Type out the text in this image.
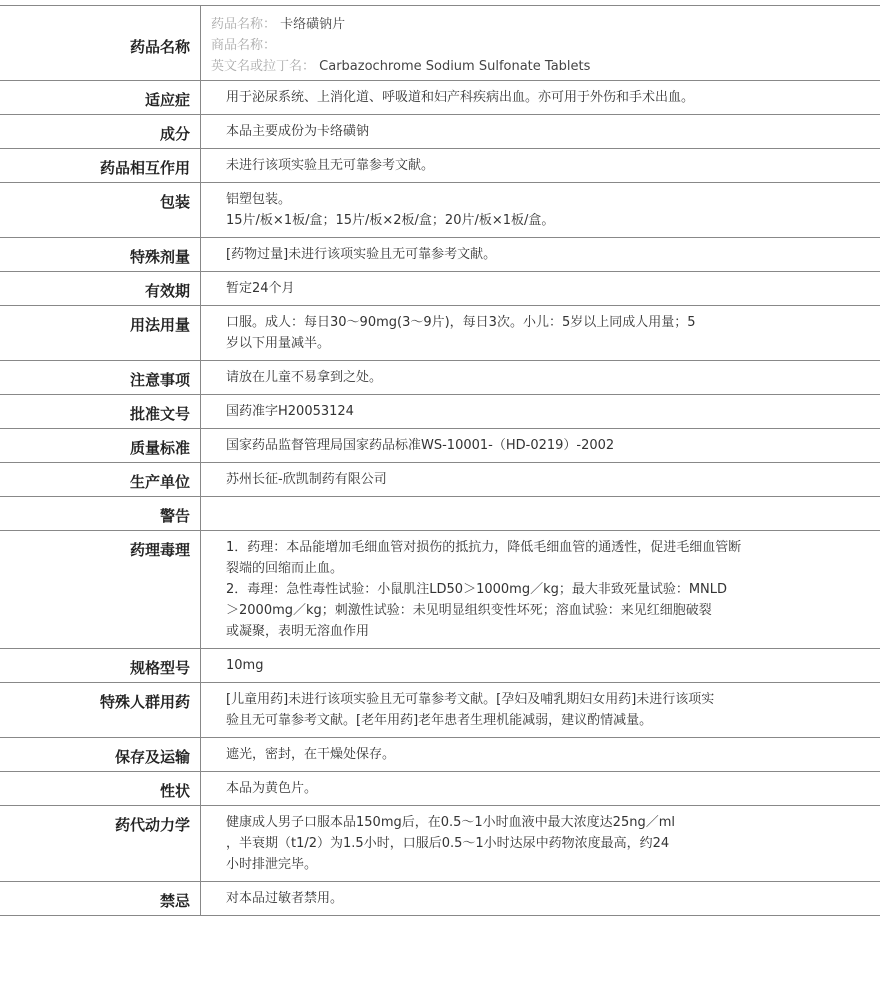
药品名称
药品名称： 卡络磺钠片
商品名称：
英文名或拉丁名： Carbazochrome Sodium Sulfonate Tablets
适应症	用于泌尿系统、上消化道、呼吸道和妇产科疾病出血。亦可用于外伤和手术出血。
成分	本品主要成份为卡络磺钠
药品相互作用	未进行该项实验且无可靠参考文献。
包装	铝塑包装。
15片/板×1板/盒；15片/板×2板/盒；20片/板×1板/盒。
特殊剂量	[药物过量]未进行该项实验且无可靠参考文献。
有效期	暂定24个月
用法用量	口服。成人：每日30～90mg(3～9片)，每日3次。小儿：5岁以上同成人用量；5
岁以下用量减半。
注意事项	请放在儿童不易拿到之处。
批准文号	国药准字H20053124
质量标准	国家药品监督管理局国家药品标准WS-10001-（HD-0219）-2002
生产单位	苏州长征-欣凯制药有限公司
警告
药理毒理	1．药理：本品能增加毛细血管对损伤的抵抗力，降低毛细血管的通透性，促进毛细血管断
裂端的回缩而止血。
2．毒理：急性毒性试验：小鼠肌注LD50＞1000mg／kg；最大非致死量试验：MNLD
＞2000mg／kg；刺激性试验：未见明显组织变性坏死；溶血试验：来见红细胞破裂
或凝聚，表明无溶血作用
规格型号	10mg
特殊人群用药	[儿童用药]未进行该项实验且无可靠参考文献。[孕妇及哺乳期妇女用药]未进行该项实
验且无可靠参考文献。[老年用药]老年患者生理机能减弱，建议酌情减量。
保存及运输	遮光，密封，在干燥处保存。
性状	本品为黄色片。
药代动力学	健康成人男子口服本品150mg后，在0.5～1小时血液中最大浓度达25ng／ml
，半衰期（t1/2）为1.5小时，口服后0.5～1小时达尿中药物浓度最高，约24
小时排泄完毕。
禁忌	对本品过敏者禁用。
